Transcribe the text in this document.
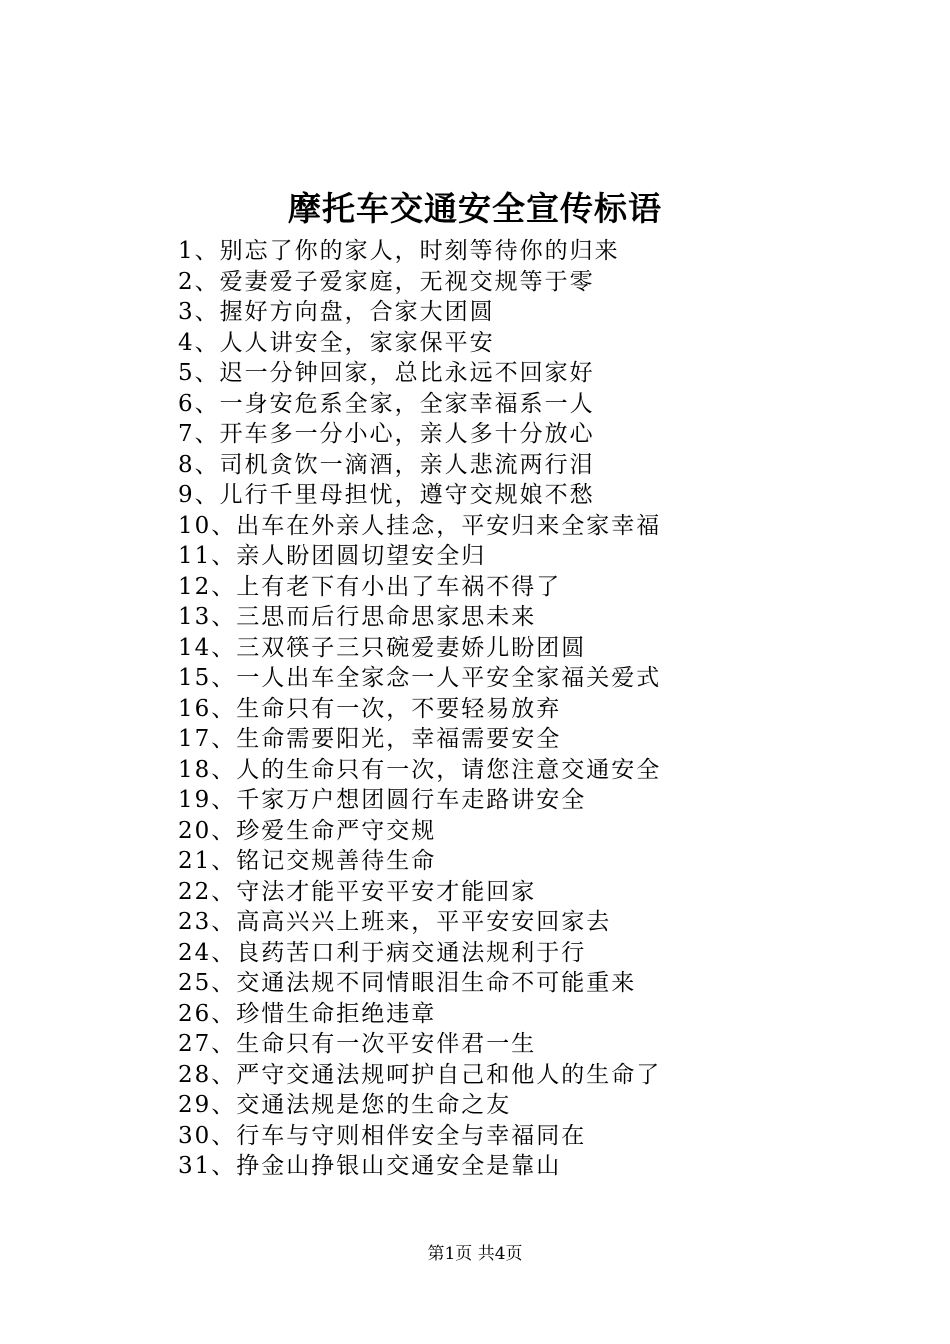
摩托车交通安全宣传标语
1、别忘了你的家人，时刻等待你的归来
2、爱妻爱子爱家庭，无视交规等于零
3、握好方向盘，合家大团圆
4、人人讲安全，家家保平安
5、迟一分钟回家，总比永远不回家好
6、一身安危系全家，全家幸福系一人
7、开车多一分小心，亲人多十分放心
8、司机贪饮一滴酒，亲人悲流两行泪
9、儿行千里母担忧，遵守交规娘不愁
10、出车在外亲人挂念，平安归来全家幸福
11、亲人盼团圆切望安全归
12、上有老下有小出了车祸不得了
13、三思而后行思命思家思未来
14、三双筷子三只碗爱妻娇儿盼团圆
15、一人出车全家念一人平安全家福关爱式
16、生命只有一次，不要轻易放弃
17、生命需要阳光，幸福需要安全
18、人的生命只有一次，请您注意交通安全
19、千家万户想团圆行车走路讲安全
20、珍爱生命严守交规
21、铭记交规善待生命
22、守法才能平安平安才能回家
23、高高兴兴上班来，平平安安回家去
24、良药苦口利于病交通法规利于行
25、交通法规不同情眼泪生命不可能重来
26、珍惜生命拒绝违章
27、生命只有一次平安伴君一生
28、严守交通法规呵护自己和他人的生命了
29、交通法规是您的生命之友
30、行车与守则相伴安全与幸福同在
31、挣金山挣银山交通安全是靠山
第1页 共4页
